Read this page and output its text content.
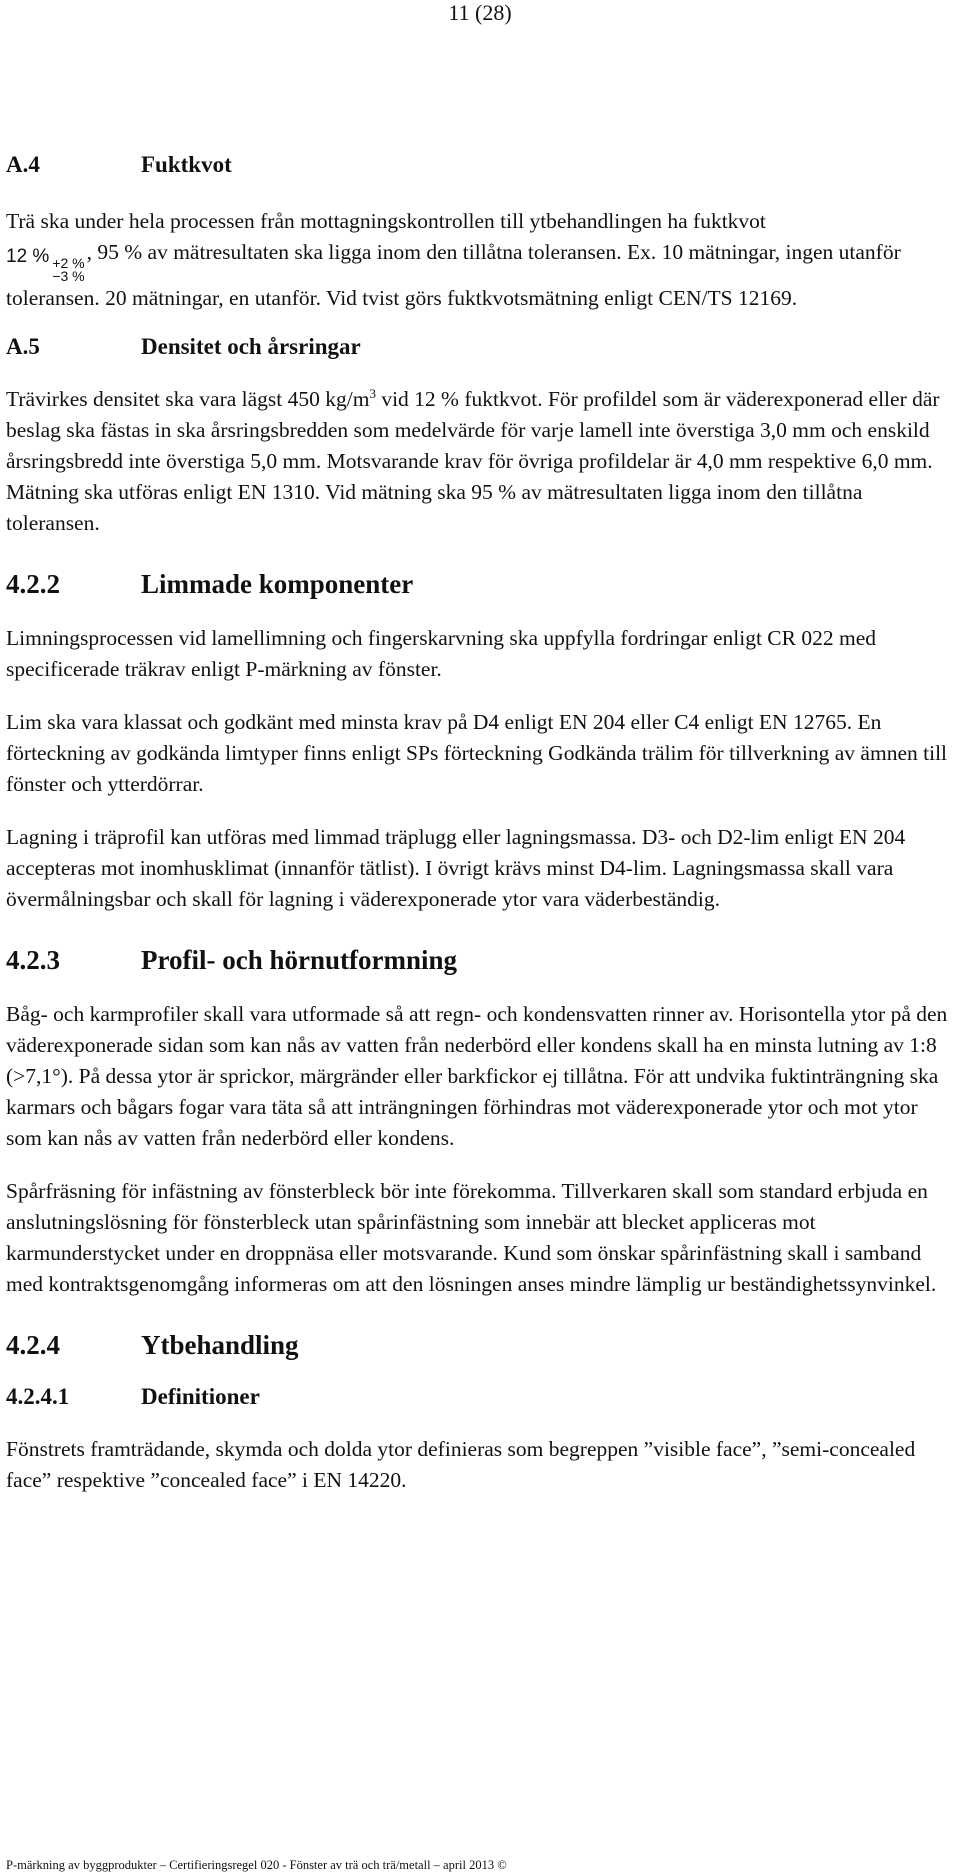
11 (28)
A.4	Fuktkvot

Trä ska under hela processen från mottagningskontrollen till ytbehandlingen ha fuktkvot
12 % +2 %
−3 %
, 95 % av mätresultaten ska ligga inom den tillåtna toleransen. Ex. 10 mätningar, ingen utanför toleransen. 20 mätningar, en utanför. Vid tvist görs fuktkvotsmätning enligt CEN/TS 12169.

A.5	Densitet och årsringar

Trävirkes densitet ska vara lägst 450 $kg/m^3$ vid 12 % fuktkvot. För profildel som är väderexponerad eller där beslag ska fästas in ska årsringsbredden som medelvärde för varje lamell inte överstiga 3,0 mm och enskild årsringsbredd inte överstiga 5,0 mm. Motsvarande krav för övriga profildelar är 4,0 mm respektive 6,0 mm. Mätning ska utföras enligt EN 1310. Vid mätning ska 95 % av mätresultaten ligga inom den tillåtna toleransen.

4.2.2	Limmade komponenter

Limningsprocessen vid lamellimning och fingerskarvning ska uppfylla fordringar enligt CR 022 med specificerade träkrav enligt P-märkning av fönster.

Lim ska vara klassat och godkänt med minsta krav på D4 enligt EN 204 eller C4 enligt EN 12765. En förteckning av godkända limtyper finns enligt SPs förteckning Godkända trälim för tillverkning av ämnen till fönster och ytterdörrar.

Lagning i träprofil kan utföras med limmad träplugg eller lagningsmassa. D3- och D2-lim enligt EN 204 accepteras mot inomhusklimat (innanför tätlist). I övrigt krävs minst D4-lim. Lagningsmassa skall vara övermålningsbar och skall för lagning i väderexponerade ytor vara väderbeständig.

4.2.3	Profil- och hörnutformning

Båg- och karmprofiler skall vara utformade så att regn- och kondensvatten rinner av. Horisontella ytor på den väderexponerade sidan som kan nås av vatten från nederbörd eller kondens skall ha en minsta lutning av 1:8 (>7,1°). På dessa ytor är sprickor, märgränder eller barkfickor ej tillåtna. För att undvika fuktinträngning ska karmars och bågars fogar vara täta så att inträngningen förhindras mot väderexponerade ytor och mot ytor som kan nås av vatten från nederbörd eller kondens.

Spårfräsning för infästning av fönsterbleck bör inte förekomma. Tillverkaren skall som standard erbjuda en anslutningslösning för fönsterbleck utan spårinfästning som innebär att blecket appliceras mot karmunderstycket under en droppnäsa eller motsvarande. Kund som önskar spårinfästning skall i samband med kontraktsgenomgång informeras om att den lösningen anses mindre lämplig ur beständighetssynvinkel.

4.2.4	Ytbehandling
4.2.4.1	Definitioner

Fönstrets framträdande, skymda och dolda ytor definieras som begreppen ”visible face”, ”semi-concealed face” respektive ”concealed face” i EN 14220.

P-märkning av byggprodukter – Certifieringsregel 020 - Fönster av trä och trä/metall – april 2013 ©
